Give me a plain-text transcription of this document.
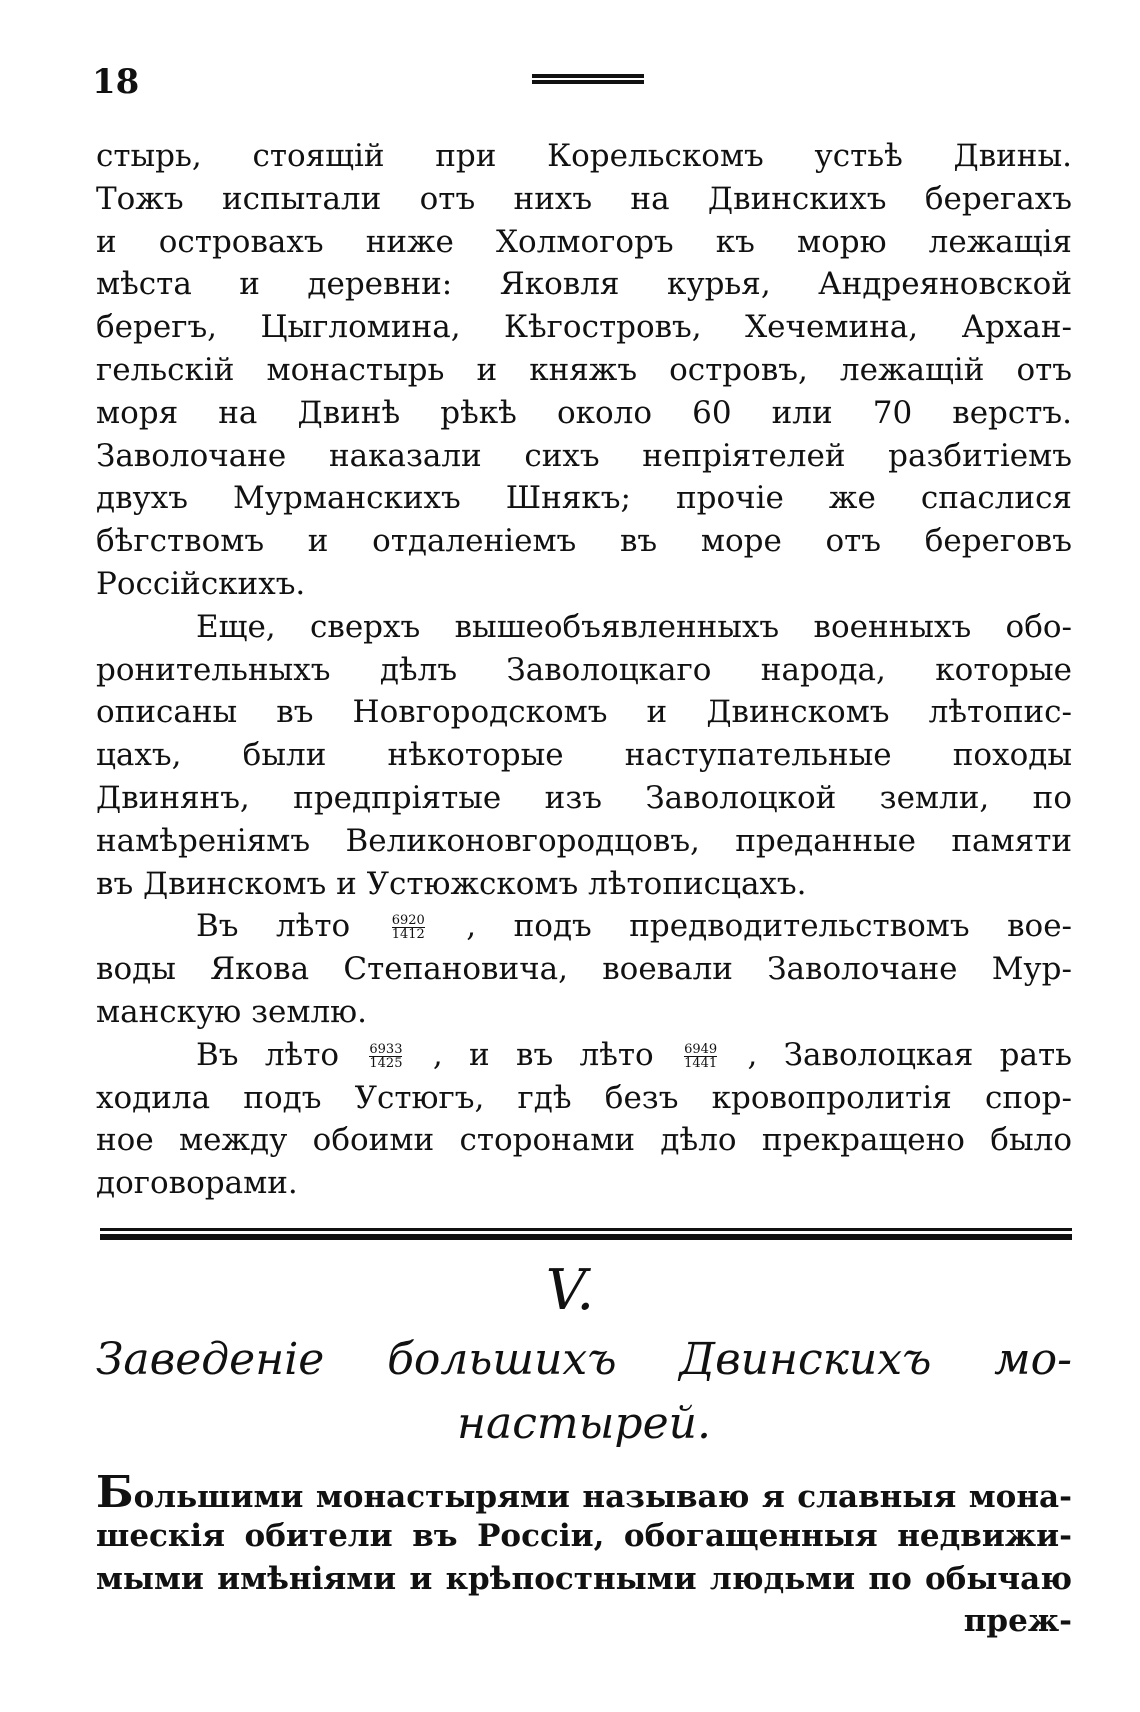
18
стырь, стоящій при Корельскомъ устьѣ Двины.
Тожъ испытали отъ нихъ на Двинскихъ берегахъ
и островахъ ниже Холмогоръ къ морю лежащія
мѣста и деревни: Яковля курья, Андреяновской
берегъ, Цыгломина, Кѣгостровъ, Хечемина, Архан-
гельскій монастырь и княжъ островъ, лежащій отъ
моря на Двинѣ рѣкѣ около 60 или 70 верстъ.
Заволочане наказали сихъ непріятелей разбитіемъ
двухъ Мурманскихъ Шнякъ; прочіе же спаслися
бѣгствомъ и отдаленіемъ въ море отъ береговъ
Россійскихъ.
Еще, сверхъ вышеобъявленныхъ военныхъ обо-
ронительныхъ дѣлъ Заволоцкаго народа, которые
описаны въ Новгородскомъ и Двинскомъ лѣтопис-
цахъ, были нѣкоторые наступательные походы
Двинянъ, предпріятые изъ Заволоцкой земли, по
намѣреніямъ Великоновгородцовъ, преданные памяти
въ Двинскомъ и Устюжскомъ лѣтописцахъ.
Въ лѣто	$\frac{6920}{1412}$ , подъ предводительствомъ вое-
воды Якова Степановича, воевали Заволочане Мур-
манскую землю.
Въ лѣто $\frac{6933}{1425}$ , и въ лѣто $\frac{6949}{1441}$ , Заволоцкая рать
ходила подъ Устюгъ, гдѣ безъ кровопролитія спор-
ное между обоими сторонами дѣло прекращено было
договорами.
V.
Заведеніе большихъ Двинскихъ мо-
настырей.
Большими монастырями называю я славныя мона-
шескія обители въ Россіи, обогащенныя недвижи-
мыми имѣніями и крѣпостными людьми по обычаю
преж-
